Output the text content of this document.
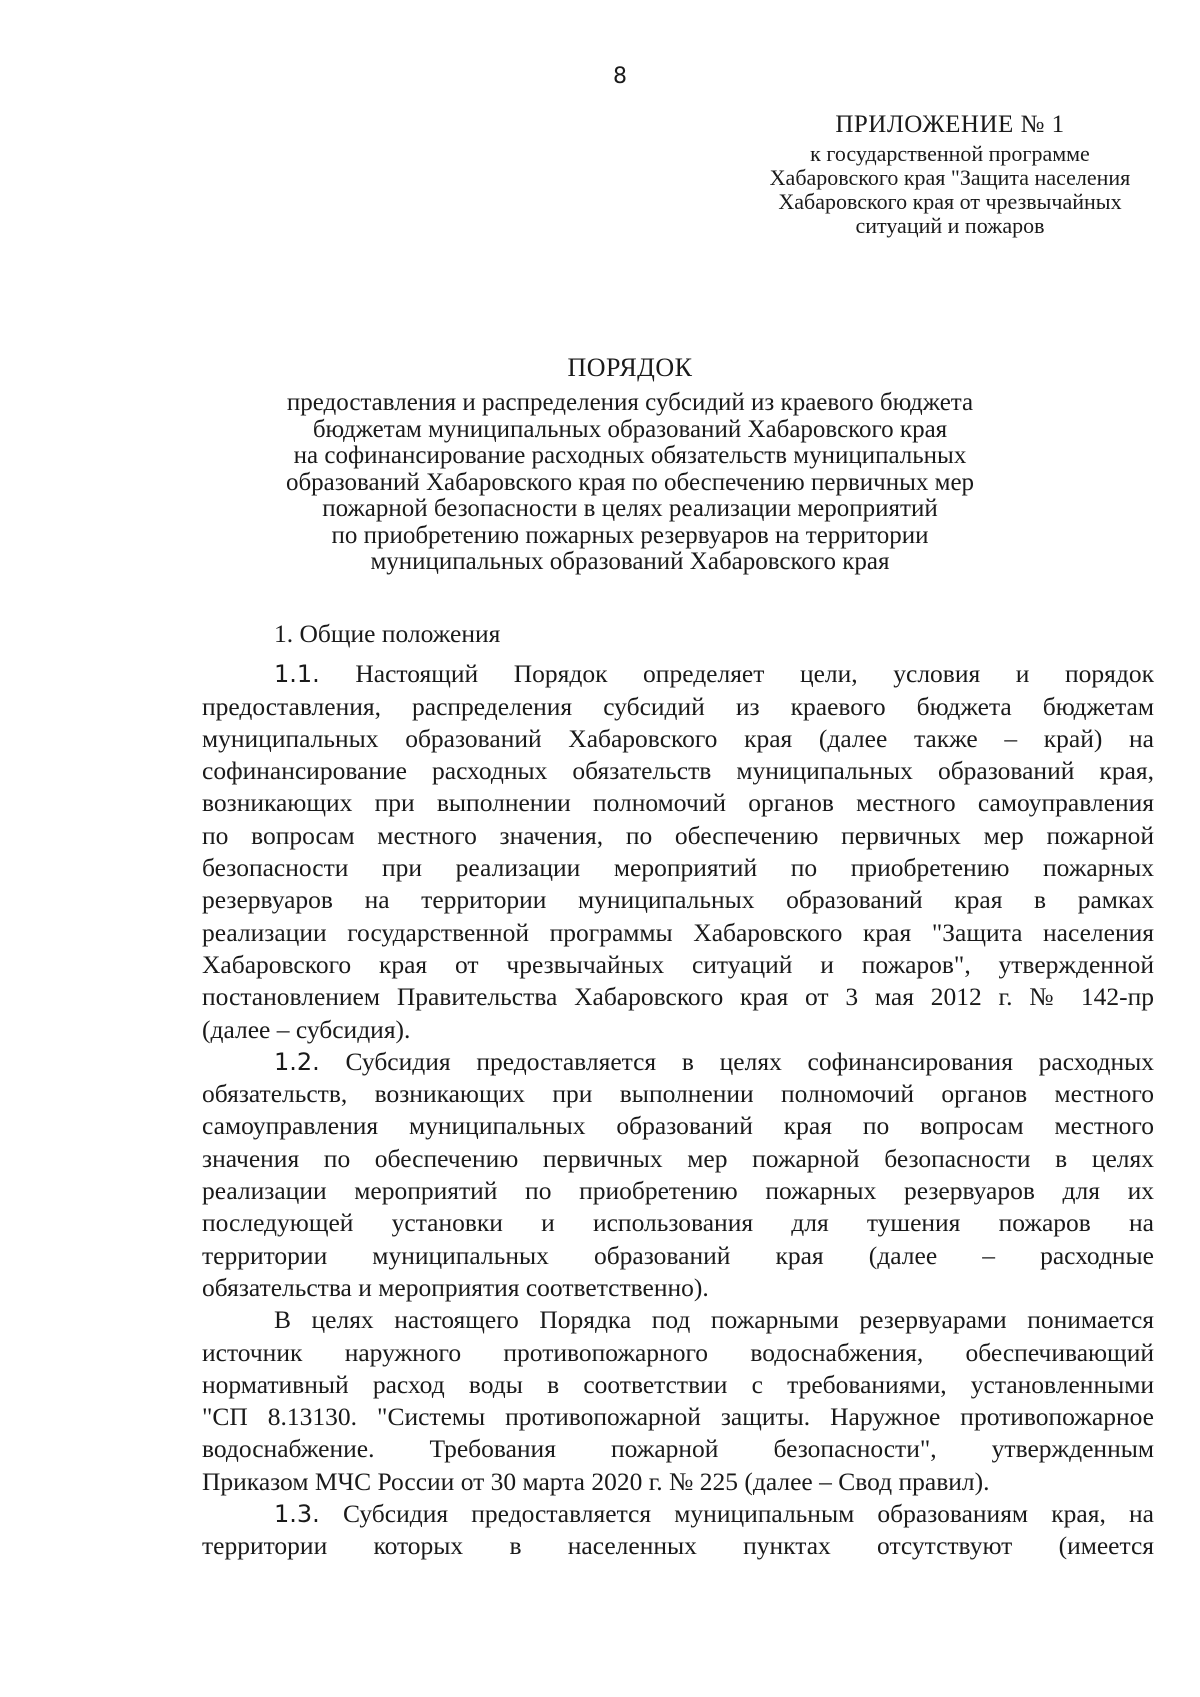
8
ПРИЛОЖЕНИЕ № 1
к государственной программе
Хабаровского края "Защита населения
Хабаровского края от чрезвычайных
ситуаций и пожаров
ПОРЯДОК
предоставления и распределения субсидий из краевого бюджета
бюджетам муниципальных образований Хабаровского края
на софинансирование расходных обязательств муниципальных
образований Хабаровского края по обеспечению первичных мер
пожарной безопасности в целях реализации мероприятий
по приобретению пожарных резервуаров на территории
муниципальных образований Хабаровского края
1. Общие положения

1.1. Настоящий Порядок определяет цели, условия и порядок

предоставления, распределения субсидий из краевого бюджета бюджетам

муниципальных образований Хабаровского края (далее также – край) на

софинансирование расходных обязательств муниципальных образований края,

возникающих при выполнении полномочий органов местного самоуправления

по вопросам местного значения, по обеспечению первичных мер пожарной

безопасности при реализации мероприятий по приобретению пожарных

резервуаров на территории муниципальных образований края в рамках

реализации государственной программы Хабаровского края "Защита населения

Хабаровского края от чрезвычайных ситуаций и пожаров", утвержденной

постановлением Правительства Хабаровского края от 3 мая 2012 г. № 142-пр

(далее – субсидия).

1.2. Субсидия предоставляется в целях софинансирования расходных

обязательств, возникающих при выполнении полномочий органов местного

самоуправления муниципальных образований края по вопросам местного

значения по обеспечению первичных мер пожарной безопасности в целях

реализации мероприятий по приобретению пожарных резервуаров для их

последующей установки и использования для тушения пожаров на

территории муниципальных образований края (далее – расходные

обязательства и мероприятия соответственно).

В целях настоящего Порядка под пожарными резервуарами понимается

источник наружного противопожарного водоснабжения, обеспечивающий

нормативный расход воды в соответствии с требованиями, установленными

"СП 8.13130. "Системы противопожарной защиты. Наружное противопожарное

водоснабжение. Требования пожарной безопасности", утвержденным

Приказом МЧС России от 30 марта 2020 г. № 225 (далее – Свод правил).

1.3. Субсидия предоставляется муниципальным образованиям края, на

территории которых в населенных пунктах отсутствуют (имеется
